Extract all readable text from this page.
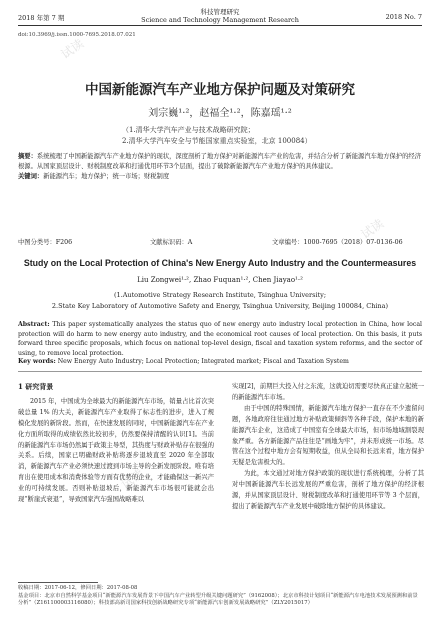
试读
试读
试读
2018 年第 7 期
科技管理研究
Science and Technology Management Research	2018 No. 7
doi:10.3969/j.issn.1000-7695.2018.07.021
中国新能源汽车产业地方保护问题及对策研究
刘宗巍¹·²，赵福全¹·²，陈嘉瑶¹·²
（1.清华大学汽车产业与技术战略研究院；
2.清华大学汽车安全与节能国家重点实验室，北京 100084）
摘要：系统梳理了中国新能源汽车产业地方保护的现状，深度剖析了地方保护对新能源汽车产业的危害，并结合分析了新能源汽车地方保护的经济根源。从国家顶层设计、财税制度改革和打通优用环节3个层面，提出了破除新能源汽车产业地方保护的具体建议。
关键词：新能源汽车；地方保护；统一市场；财税制度
中图分类号：F206	文献标识码：A	文章编号：1000-7695（2018）07-0136-06
Study on the Local Protection of China's New Energy Auto Industry and the Countermeasures
Liu Zongwei¹·², Zhao Fuquan¹·², Chen Jiayao¹·²
(1.Automotive Strategy Research Institute, Tsinghua University;
2.State Key Laboratory of Automotive Safety and Energy, Tsinghua University, Beijing 100084, China)
Abstract: This paper systematically analyzes the status quo of new energy auto industry local protection in China, how local protection will do harm to new energy auto industry, and the economical root causes of local protection. On this basis, it puts forward three specific proposals, which focus on national top-level design, fiscal and taxation system reforms, and the sector of using, to remove local protection.
Key words: New Energy Auto Industry; Local Protection; Integrated market; Fiscal and Taxation System
1 研究背景

2015 年，中国成为全球最大的新能源汽车市场，销量占比首次突破总量 1% 的大关，新能源汽车产业取得了标志性的进步，进入了规模化发展的新阶段。然而，在快速发展的同时，中国新能源汽车在产业化方面所取得的成绩依然比较初步，仍然要保持清醒的认识[1]。当前的新能源汽车市场仍然属于政策主导型，其热度与财政补贴存在很强的关系。后续，国家已明确财政补贴将逐步退坡直至 2020 年全部取消，新能源汽车产业必须快速过渡到市场主导的全新发展阶段。唯有培育出在使用成本和消费体验等方面有优势的企业，才能确保这一新兴产业的可持续发展。否则补贴退坡后，新能源汽车市场很可能就会出现“断崖式衰退”，导致国家汽车强国战略难以

实现[2]，前期巨大投入付之东流，这就迫切需要尽快真正建立起统一的新能源汽车市场。

由于中国的特殊国情，新能源汽车地方保护一直存在不少遗留问题，各地政府往往通过地方补贴政策倾斜等各种手段，保护本地的新能源汽车企业，这造成了中国室有全球最大市场，但市场地域割裂现象严重。各方新能源产品往往是“画地为牢”，并未形成统一市场。尽管在这个过程中地方会有短期收益，但从全局和长远来看，地方保护无疑是危害极大的。

为此，本文通过对地方保护政策的现状进行系统梳理，分析了其对中国新能源汽车长远发展的严重危害，剖析了地方保护的经济根源，并从国家顶层设计、财税制度改革和打通使用环节等 3 个层面，提出了新能源汽车产业发展中破除地方保护的具体建议。

收稿日期：2017-06-12，修回日期：2017-08-08
基金项目：北京市自然科学基金项目“新能源汽车发展背景下中国汽车产业转型升级关键问题研究”（9162008）；北京市科技计划项目“新能源汽车电池技术发展预测和前景分析”（Z161100003116080）；科技部高新司国家科技创新战略研究专项“新能源汽车创新发展战略研究”（ZLY2015017）
